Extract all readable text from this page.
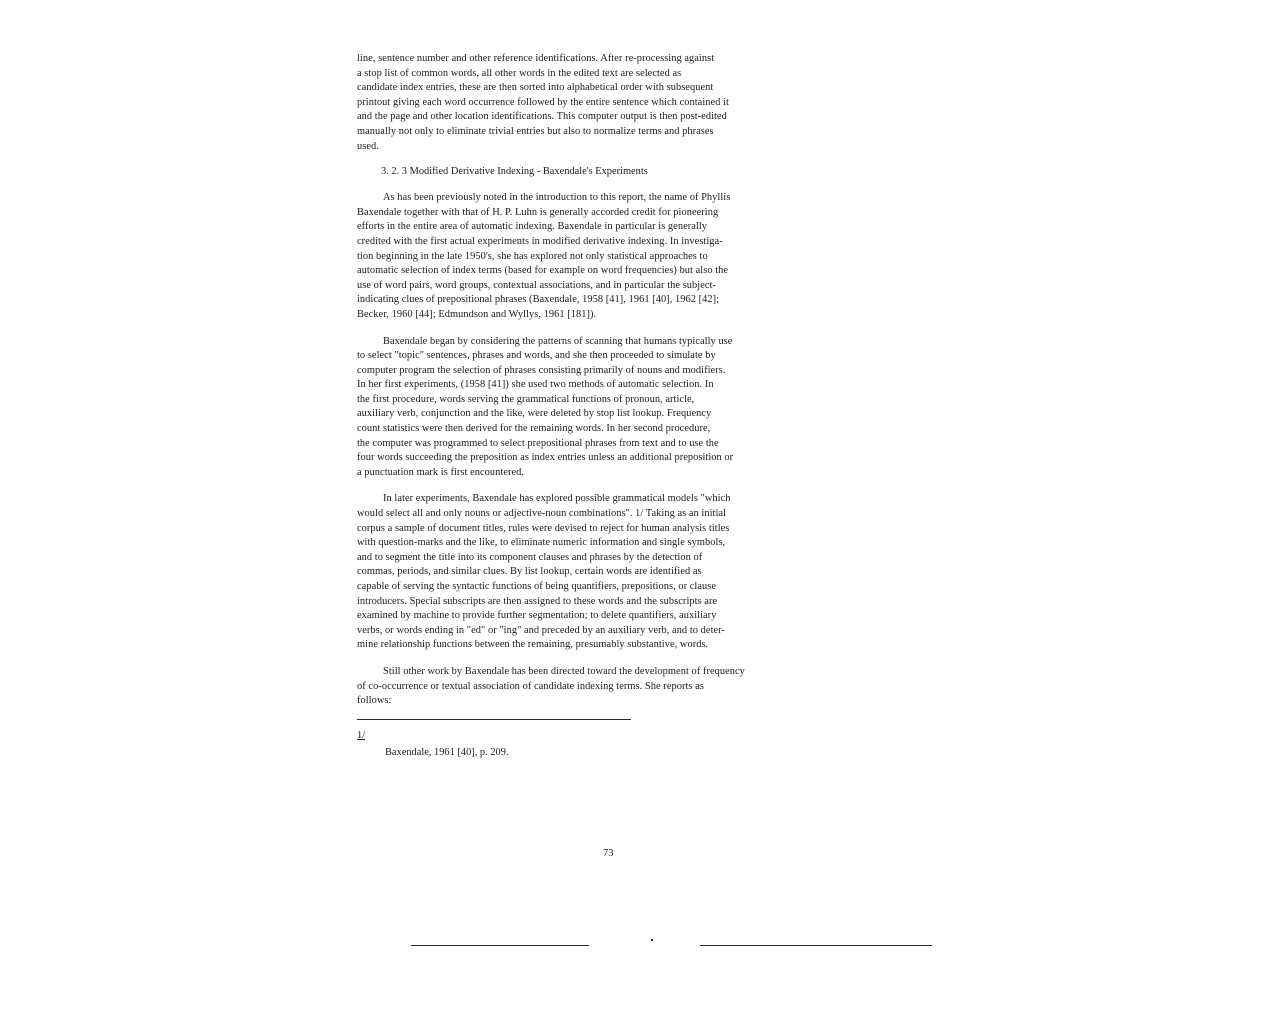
line, sentence number and other reference identifications. After re-processing against
a stop list of common words, all other words in the edited text are selected as
candidate index entries, these are then sorted into alphabetical order with subsequent
printout giving each word occurrence followed by the entire sentence which contained it
and the page and other location identifications. This computer output is then post-edited
manually not only to eliminate trivial entries but also to normalize terms and phrases
used.
3. 2. 3 Modified Derivative Indexing - Baxendale's Experiments
As has been previously noted in the introduction to this report, the name of Phyllis
Baxendale together with that of H. P. Luhn is generally accorded credit for pioneering
efforts in the entire area of automatic indexing. Baxendale in particular is generally
credited with the first actual experiments in modified derivative indexing. In investiga-
tion beginning in the late 1950's, she has explored not only statistical approaches to
automatic selection of index terms (based for example on word frequencies) but also the
use of word pairs, word groups, contextual associations, and in particular the subject-
indicating clues of prepositional phrases (Baxendale, 1958 [41], 1961 [40], 1962 [42];
Becker, 1960 [44]; Edmundson and Wyllys, 1961 [181]).
Baxendale began by considering the patterns of scanning that humans typically use
to select "topic" sentences, phrases and words, and she then proceeded to simulate by
computer program the selection of phrases consisting primarily of nouns and modifiers.
In her first experiments, (1958 [41]) she used two methods of automatic selection. In
the first procedure, words serving the grammatical functions of pronoun, article,
auxiliary verb, conjunction and the like, were deleted by stop list lookup. Frequency
count statistics were then derived for the remaining words. In her second procedure,
the computer was programmed to select prepositional phrases from text and to use the
four words succeeding the preposition as index entries unless an additional preposition or
a punctuation mark is first encountered.
In later experiments, Baxendale has explored possible grammatical models "which
would select all and only nouns or adjective-noun combinations". 1/ Taking as an initial
corpus a sample of document titles, rules were devised to reject for human analysis titles
with question-marks and the like, to eliminate numeric information and single symbols,
and to segment the title into its component clauses and phrases by the detection of
commas, periods, and similar clues. By list lookup, certain words are identified as
capable of serving the syntactic functions of being quantifiers, prepositions, or clause
introducers. Special subscripts are then assigned to these words and the subscripts are
examined by machine to provide further segmentation; to delete quantifiers, auxiliary
verbs, or words ending in "ed" or "ing" and preceded by an auxiliary verb, and to deter-
mine relationship functions between the remaining, presumably substantive, words.
Still other work by Baxendale has been directed toward the development of frequency
of co-occurrence or textual association of candidate indexing terms. She reports as
follows:
1/
Baxendale, 1961 [40], p. 209.
73
